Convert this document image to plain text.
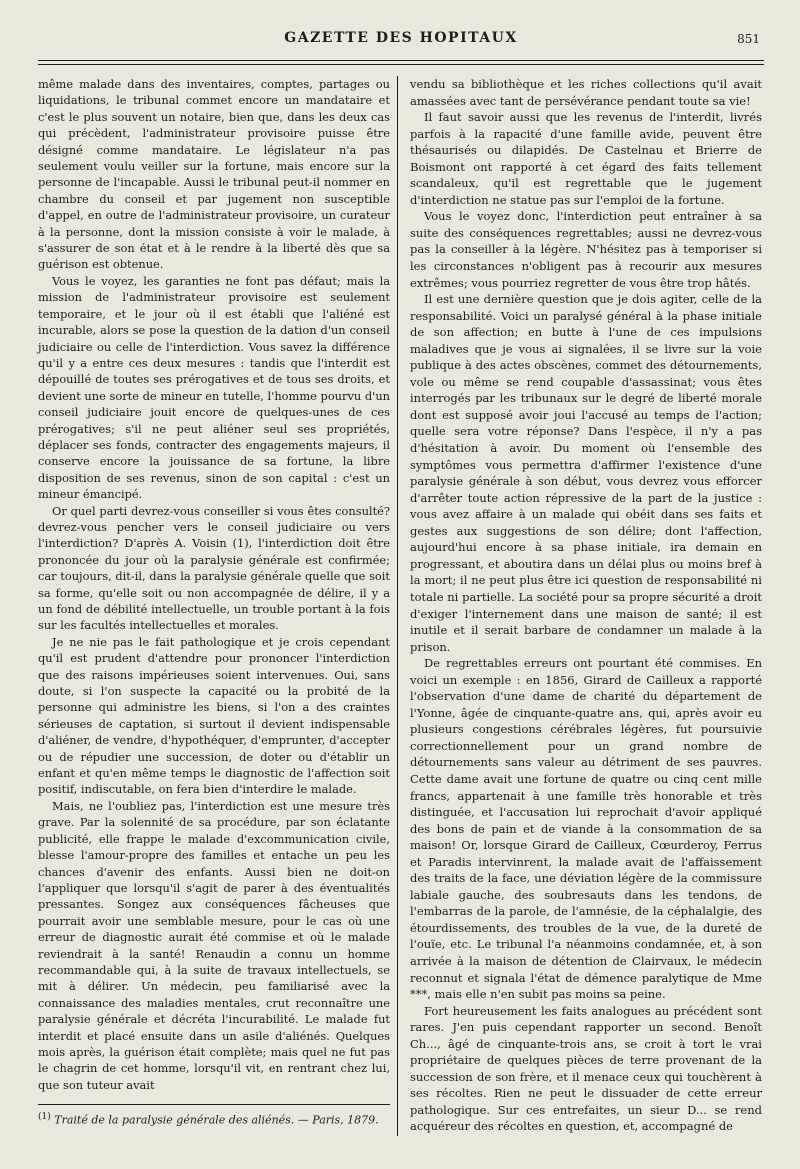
GAZETTE DES HOPITAUX	851

même malade dans des inventaires, comptes, partages ou liquidations, le tribunal commet encore un mandataire et c'est le plus souvent un notaire, bien que, dans les deux cas qui précèdent, l'administrateur provisoire puisse être désigné comme mandataire. Le législateur n'a pas seulement voulu veiller sur la fortune, mais encore sur la personne de l'incapable. Aussi le tribunal peut-il nommer en chambre du conseil et par jugement non susceptible d'appel, en outre de l'administrateur provisoire, un curateur à la personne, dont la mission consiste à voir le malade, à s'assurer de son état et à le rendre à la liberté dès que sa guérison est obtenue.

Vous le voyez, les garanties ne font pas défaut; mais la mission de l'administrateur provisoire est seulement temporaire, et le jour où il est établi que l'aliéné est incurable, alors se pose la question de la dation d'un conseil judiciaire ou celle de l'interdiction. Vous savez la différence qu'il y a entre ces deux mesures : tandis que l'interdit est dépouillé de toutes ses prérogatives et de tous ses droits, et devient une sorte de mineur en tutelle, l'homme pourvu d'un conseil judiciaire jouit encore de quelques-unes de ces prérogatives; s'il ne peut aliéner seul ses propriétés, déplacer ses fonds, contracter des engagements majeurs, il conserve encore la jouissance de sa fortune, la libre disposition de ses revenus, sinon de son capital : c'est un mineur émancipé.

Or quel parti devrez-vous conseiller si vous êtes consulté? devrez-vous pencher vers le conseil judiciaire ou vers l'interdiction? D'après A. Voisin (1), l'interdiction doit être prononcée du jour où la paralysie générale est confirmée; car toujours, dit-il, dans la paralysie générale quelle que soit sa forme, qu'elle soit ou non accompagnée de délire, il y a un fond de débilité intellectuelle, un trouble portant à la fois sur les facultés intellectuelles et morales.

Je ne nie pas le fait pathologique et je crois cependant qu'il est prudent d'attendre pour prononcer l'interdiction que des raisons impérieuses soient intervenues. Oui, sans doute, si l'on suspecte la capacité ou la probité de la personne qui administre les biens, si l'on a des craintes sérieuses de captation, si surtout il devient indispensable d'aliéner, de vendre, d'hypothéquer, d'emprunter, d'accepter ou de répudier une succession, de doter ou d'établir un enfant et qu'en même temps le diagnostic de l'affection soit positif, indiscutable, on fera bien d'interdire le malade.

Mais, ne l'oubliez pas, l'interdiction est une mesure très grave. Par la solennité de sa procédure, par son éclatante publicité, elle frappe le malade d'excommunication civile, blesse l'amour-propre des familles et entache un peu les chances d'avenir des enfants. Aussi bien ne doit-on l'appliquer que lorsqu'il s'agit de parer à des éventualités pressantes. Songez aux conséquences fâcheuses que pourrait avoir une semblable mesure, pour le cas où une erreur de diagnostic aurait été commise et où le malade reviendrait à la santé! Renaudin a connu un homme recommandable qui, à la suite de travaux intellectuels, se mit à délirer. Un médecin, peu familiarisé avec la connaissance des maladies mentales, crut reconnaître une paralysie générale et décréta l'incurabilité. Le malade fut interdit et placé ensuite dans un asile d'aliénés. Quelques mois après, la guérison était complète; mais quel ne fut pas le chagrin de cet homme, lorsqu'il vit, en rentrant chez lui, que son tuteur avait

vendu sa bibliothèque et les riches collections qu'il avait amassées avec tant de persévérance pendant toute sa vie!

Il faut savoir aussi que les revenus de l'interdit, livrés parfois à la rapacité d'une famille avide, peuvent être thésaurisés ou dilapidés. De Castelnau et Brierre de Boismont ont rapporté à cet égard des faits tellement scandaleux, qu'il est regrettable que le jugement d'interdiction ne statue pas sur l'emploi de la fortune.

Vous le voyez donc, l'interdiction peut entraîner à sa suite des conséquences regrettables; aussi ne devrez-vous pas la conseiller à la légère. N'hésitez pas à temporiser si les circonstances n'obligent pas à recourir aux mesures extrêmes; vous pourriez regretter de vous être trop hâtés.

Il est une dernière question que je dois agiter, celle de la responsabilité. Voici un paralysé général à la phase initiale de son affection; en butte à l'une de ces impulsions maladives que je vous ai signalées, il se livre sur la voie publique à des actes obscènes, commet des détournements, vole ou même se rend coupable d'assassinat; vous êtes interrogés par les tribunaux sur le degré de liberté morale dont est supposé avoir joui l'accusé au temps de l'action; quelle sera votre réponse? Dans l'espèce, il n'y a pas d'hésitation à avoir. Du moment où l'ensemble des symptômes vous permettra d'affirmer l'existence d'une paralysie générale à son début, vous devrez vous efforcer d'arrêter toute action répressive de la part de la justice : vous avez affaire à un malade qui obéit dans ses faits et gestes aux suggestions de son délire; dont l'affection, aujourd'hui encore à sa phase initiale, ira demain en progressant, et aboutira dans un délai plus ou moins bref à la mort; il ne peut plus être ici question de responsabilité ni totale ni partielle. La société pour sa propre sécurité a droit d'exiger l'internement dans une maison de santé; il est inutile et il serait barbare de condamner un malade à la prison.

De regrettables erreurs ont pourtant été commises. En voici un exemple : en 1856, Girard de Cailleux a rapporté l'observation d'une dame de charité du département de l'Yonne, âgée de cinquante-quatre ans, qui, après avoir eu plusieurs congestions cérébrales légères, fut poursuivie correctionnellement pour un grand nombre de détournements sans valeur au détriment de ses pauvres. Cette dame avait une fortune de quatre ou cinq cent mille francs, appartenait à une famille très honorable et très distinguée, et l'accusation lui reprochait d'avoir appliqué des bons de pain et de viande à la consommation de sa maison! Or, lorsque Girard de Cailleux, Cœurderoy, Ferrus et Paradis intervinrent, la malade avait de l'affaissement des traits de la face, une déviation légère de la commissure labiale gauche, des soubresauts dans les tendons, de l'embarras de la parole, de l'amnésie, de la céphalalgie, des étourdissements, des troubles de la vue, de la dureté de l'ouïe, etc. Le tribunal l'a néanmoins condamnée, et, à son arrivée à la maison de détention de Clairvaux, le médecin reconnut et signala l'état de démence paralytique de Mme ***, mais elle n'en subit pas moins sa peine.

Fort heureusement les faits analogues au précédent sont rares. J'en puis cependant rapporter un second. Benoît Ch..., âgé de cinquante-trois ans, se croit à tort le vrai propriétaire de quelques pièces de terre provenant de la succession de son frère, et il menace ceux qui touchèrent à ses récoltes. Rien ne peut le dissuader de cette erreur pathologique. Sur ces entrefaites, un sieur D... se rend acquéreur des récoltes en question, et, accompagné de

$^{(1)}$ Traité de la paralysie générale des aliénés. — Paris, 1879.
